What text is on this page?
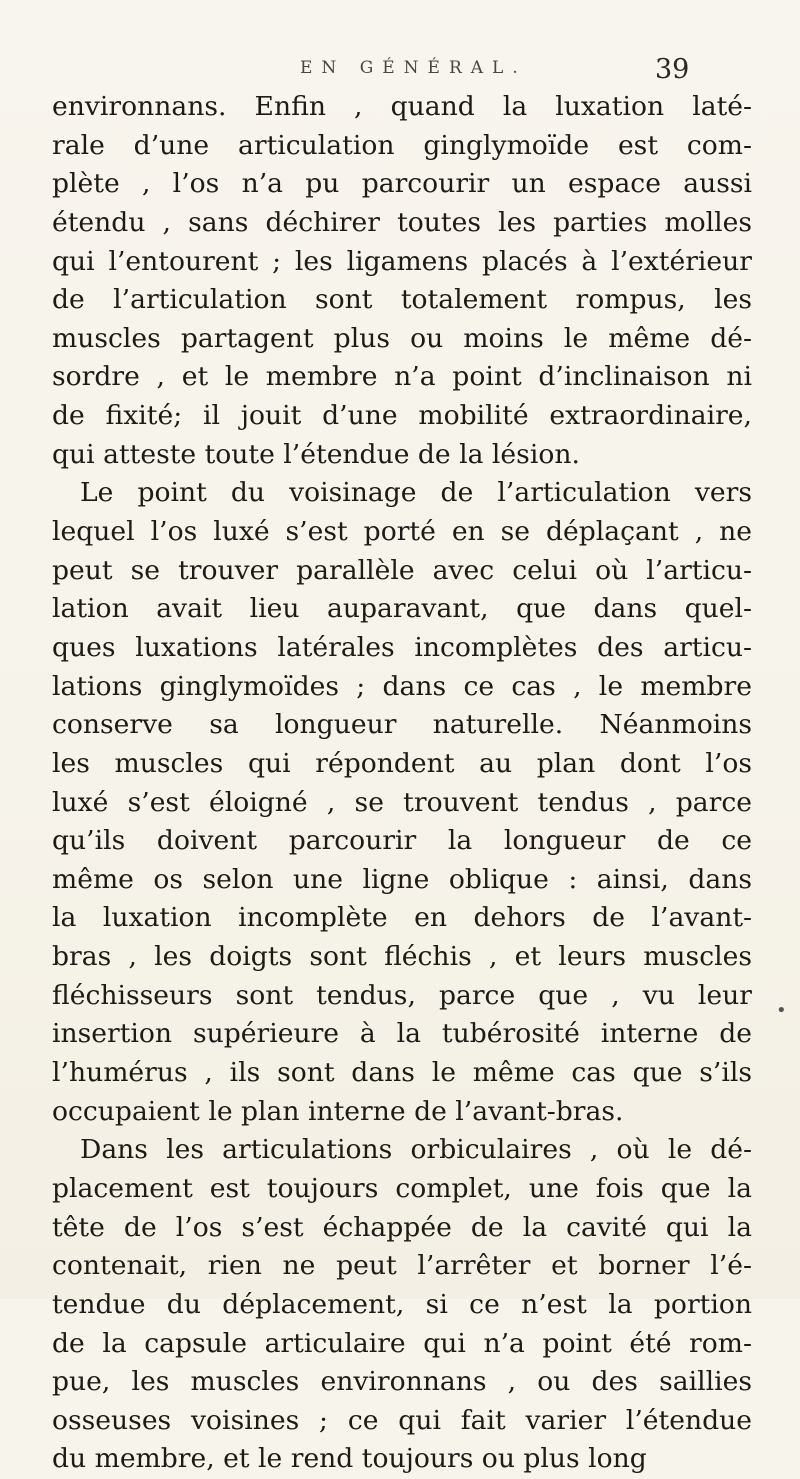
EN GÉNÉRAL.	39
environnans. Enfin , quand la luxation laté-
rale d’une articulation ginglymoïde est com-
plète , l’os n’a pu parcourir un espace aussi
étendu , sans déchirer toutes les parties molles
qui l’entourent ; les ligamens placés à l’extérieur
de l’articulation sont totalement rompus, les
muscles partagent plus ou moins le même dé-
sordre , et le membre n’a point d’inclinaison ni
de fixité; il jouit d’une mobilité extraordinaire,
qui atteste toute l’étendue de la lésion.
Le point du voisinage de l’articulation vers
lequel l’os luxé s’est porté en se déplaçant , ne
peut se trouver parallèle avec celui où l’articu-
lation avait lieu auparavant, que dans quel-
ques luxations latérales incomplètes des articu-
lations ginglymoïdes ; dans ce cas , le membre
conserve sa longueur naturelle. Néanmoins
les muscles qui répondent au plan dont l’os
luxé s’est éloigné , se trouvent tendus , parce
qu’ils doivent parcourir la longueur de ce
même os selon une ligne oblique : ainsi, dans
la luxation incomplète en dehors de l’avant-
bras , les doigts sont fléchis , et leurs muscles
fléchisseurs sont tendus, parce que , vu leur
insertion supérieure à la tubérosité interne de
l’humérus , ils sont dans le même cas que s’ils
occupaient le plan interne de l’avant-bras.
Dans les articulations orbiculaires , où le dé-
placement est toujours complet, une fois que la
tête de l’os s’est échappée de la cavité qui la
contenait, rien ne peut l’arrêter et borner l’é-
tendue du déplacement, si ce n’est la portion
de la capsule articulaire qui n’a point été rom-
pue, les muscles environnans , ou des saillies
osseuses voisines ; ce qui fait varier l’étendue
du membre, et le rend toujours ou plus long
•
